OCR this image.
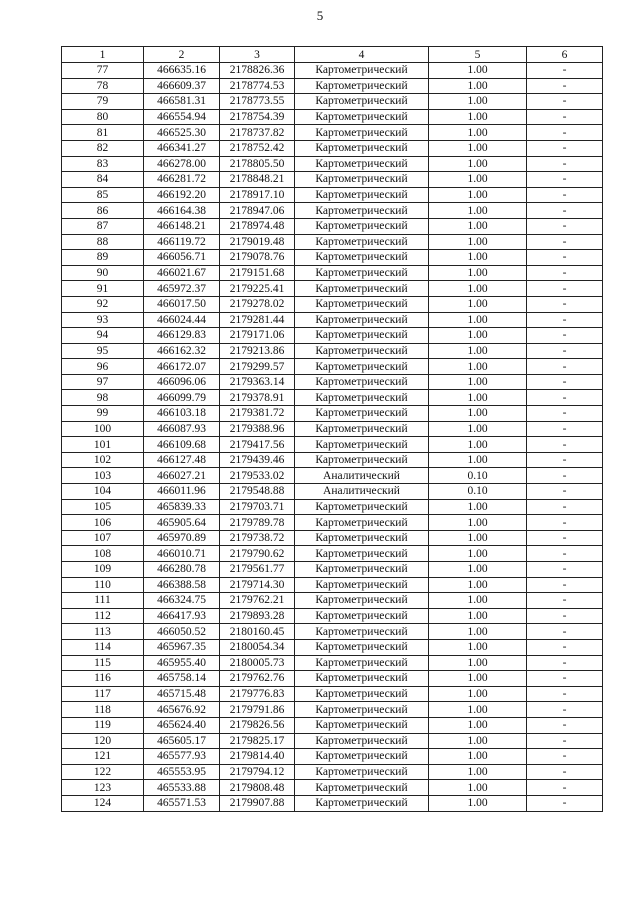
5
1	2	3	4	5	6
77	466635.16	2178826.36	Картометрический	1.00	-
78	466609.37	2178774.53	Картометрический	1.00	-
79	466581.31	2178773.55	Картометрический	1.00	-
80	466554.94	2178754.39	Картометрический	1.00	-
81	466525.30	2178737.82	Картометрический	1.00	-
82	466341.27	2178752.42	Картометрический	1.00	-
83	466278.00	2178805.50	Картометрический	1.00	-
84	466281.72	2178848.21	Картометрический	1.00	-
85	466192.20	2178917.10	Картометрический	1.00	-
86	466164.38	2178947.06	Картометрический	1.00	-
87	466148.21	2178974.48	Картометрический	1.00	-
88	466119.72	2179019.48	Картометрический	1.00	-
89	466056.71	2179078.76	Картометрический	1.00	-
90	466021.67	2179151.68	Картометрический	1.00	-
91	465972.37	2179225.41	Картометрический	1.00	-
92	466017.50	2179278.02	Картометрический	1.00	-
93	466024.44	2179281.44	Картометрический	1.00	-
94	466129.83	2179171.06	Картометрический	1.00	-
95	466162.32	2179213.86	Картометрический	1.00	-
96	466172.07	2179299.57	Картометрический	1.00	-
97	466096.06	2179363.14	Картометрический	1.00	-
98	466099.79	2179378.91	Картометрический	1.00	-
99	466103.18	2179381.72	Картометрический	1.00	-
100	466087.93	2179388.96	Картометрический	1.00	-
101	466109.68	2179417.56	Картометрический	1.00	-
102	466127.48	2179439.46	Картометрический	1.00	-
103	466027.21	2179533.02	Аналитический	0.10	-
104	466011.96	2179548.88	Аналитический	0.10	-
105	465839.33	2179703.71	Картометрический	1.00	-
106	465905.64	2179789.78	Картометрический	1.00	-
107	465970.89	2179738.72	Картометрический	1.00	-
108	466010.71	2179790.62	Картометрический	1.00	-
109	466280.78	2179561.77	Картометрический	1.00	-
110	466388.58	2179714.30	Картометрический	1.00	-
111	466324.75	2179762.21	Картометрический	1.00	-
112	466417.93	2179893.28	Картометрический	1.00	-
113	466050.52	2180160.45	Картометрический	1.00	-
114	465967.35	2180054.34	Картометрический	1.00	-
115	465955.40	2180005.73	Картометрический	1.00	-
116	465758.14	2179762.76	Картометрический	1.00	-
117	465715.48	2179776.83	Картометрический	1.00	-
118	465676.92	2179791.86	Картометрический	1.00	-
119	465624.40	2179826.56	Картометрический	1.00	-
120	465605.17	2179825.17	Картометрический	1.00	-
121	465577.93	2179814.40	Картометрический	1.00	-
122	465553.95	2179794.12	Картометрический	1.00	-
123	465533.88	2179808.48	Картометрический	1.00	-
124	465571.53	2179907.88	Картометрический	1.00	-
